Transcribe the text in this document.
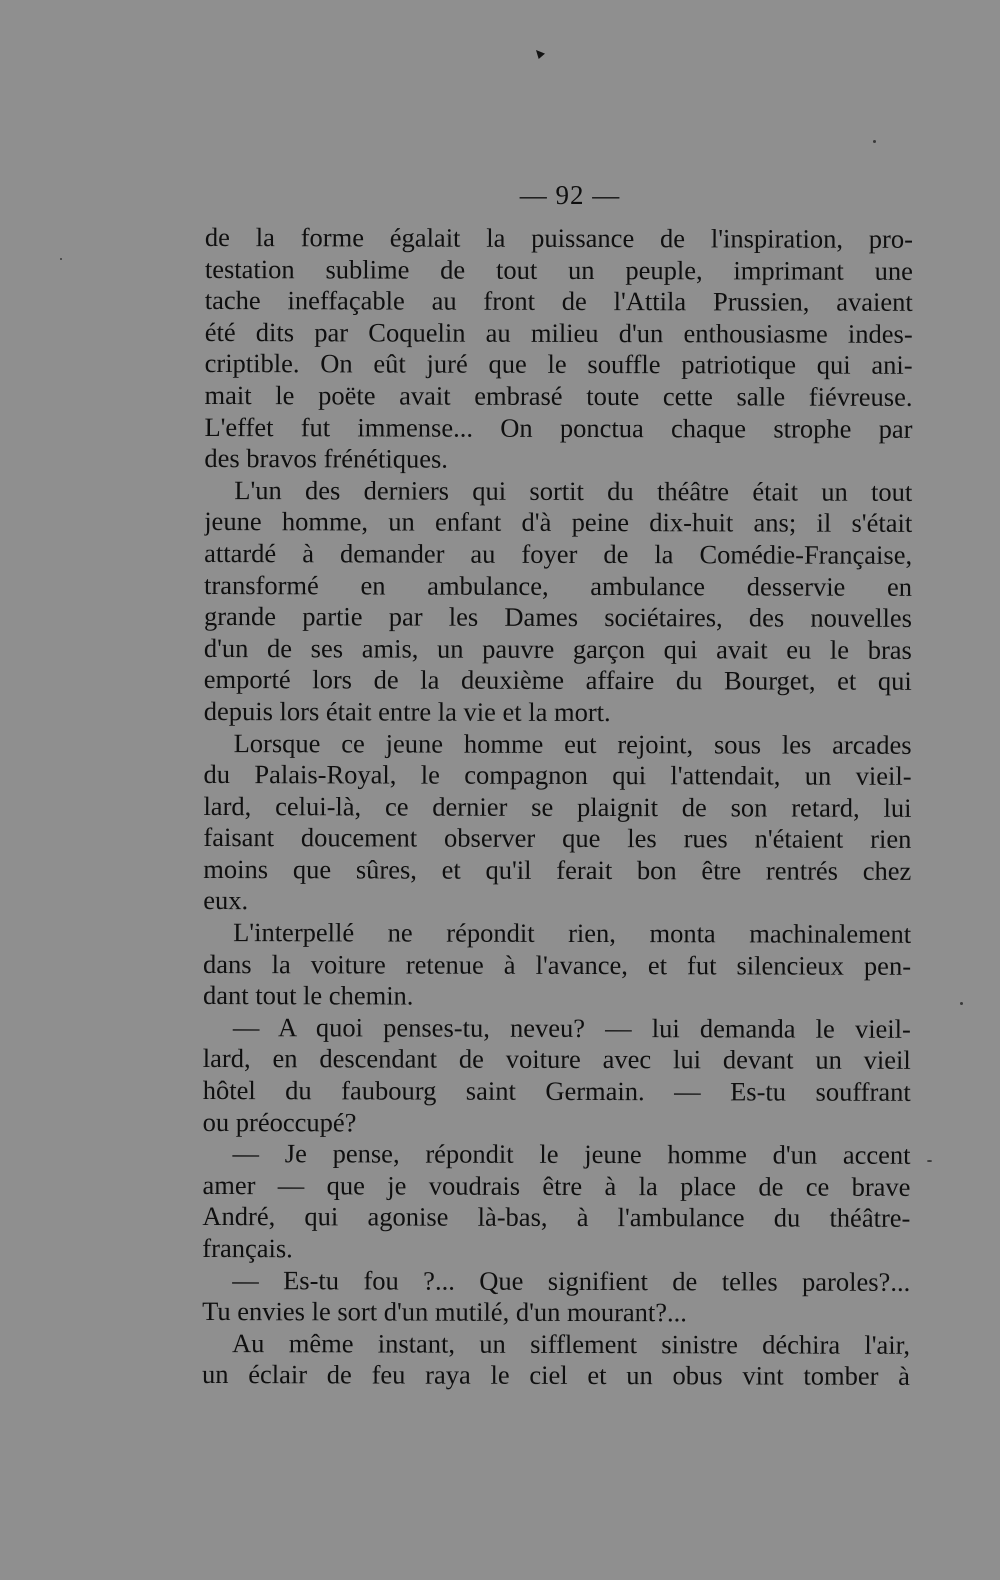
— 92 —

de la forme égalait la puissance de l'inspiration, pro-
testation sublime de tout un peuple, imprimant une
tache ineffaçable au front de l'Attila Prussien, avaient
été dits par Coquelin au milieu d'un enthousiasme indes-
criptible. On eût juré que le souffle patriotique qui ani-
mait le poëte avait embrasé toute cette salle fiévreuse.
L'effet fut immense... On ponctua chaque strophe par
des bravos frénétiques.

L'un des derniers qui sortit du théâtre était un tout
jeune homme, un enfant d'à peine dix-huit ans; il s'était
attardé à demander au foyer de la Comédie-Française,
transformé en ambulance, ambulance desservie en
grande partie par les Dames sociétaires, des nouvelles
d'un de ses amis, un pauvre garçon qui avait eu le bras
emporté lors de la deuxième affaire du Bourget, et qui
depuis lors était entre la vie et la mort.

Lorsque ce jeune homme eut rejoint, sous les arcades
du Palais-Royal, le compagnon qui l'attendait, un vieil-
lard, celui-là, ce dernier se plaignit de son retard, lui
faisant doucement observer que les rues n'étaient rien
moins que sûres, et qu'il ferait bon être rentrés chez
eux.

L'interpellé ne répondit rien, monta machinalement
dans la voiture retenue à l'avance, et fut silencieux pen-
dant tout le chemin.

— A quoi penses-tu, neveu? — lui demanda le vieil-
lard, en descendant de voiture avec lui devant un vieil
hôtel du faubourg saint Germain. — Es-tu souffrant
ou préoccupé?

— Je pense, répondit le jeune homme d'un accent
amer — que je voudrais être à la place de ce brave
André, qui agonise là-bas, à l'ambulance du théâtre-
français.

— Es-tu fou ?... Que signifient de telles paroles?...
Tu envies le sort d'un mutilé, d'un mourant?...

Au même instant, un sifflement sinistre déchira l'air,
un éclair de feu raya le ciel et un obus vint tomber à
